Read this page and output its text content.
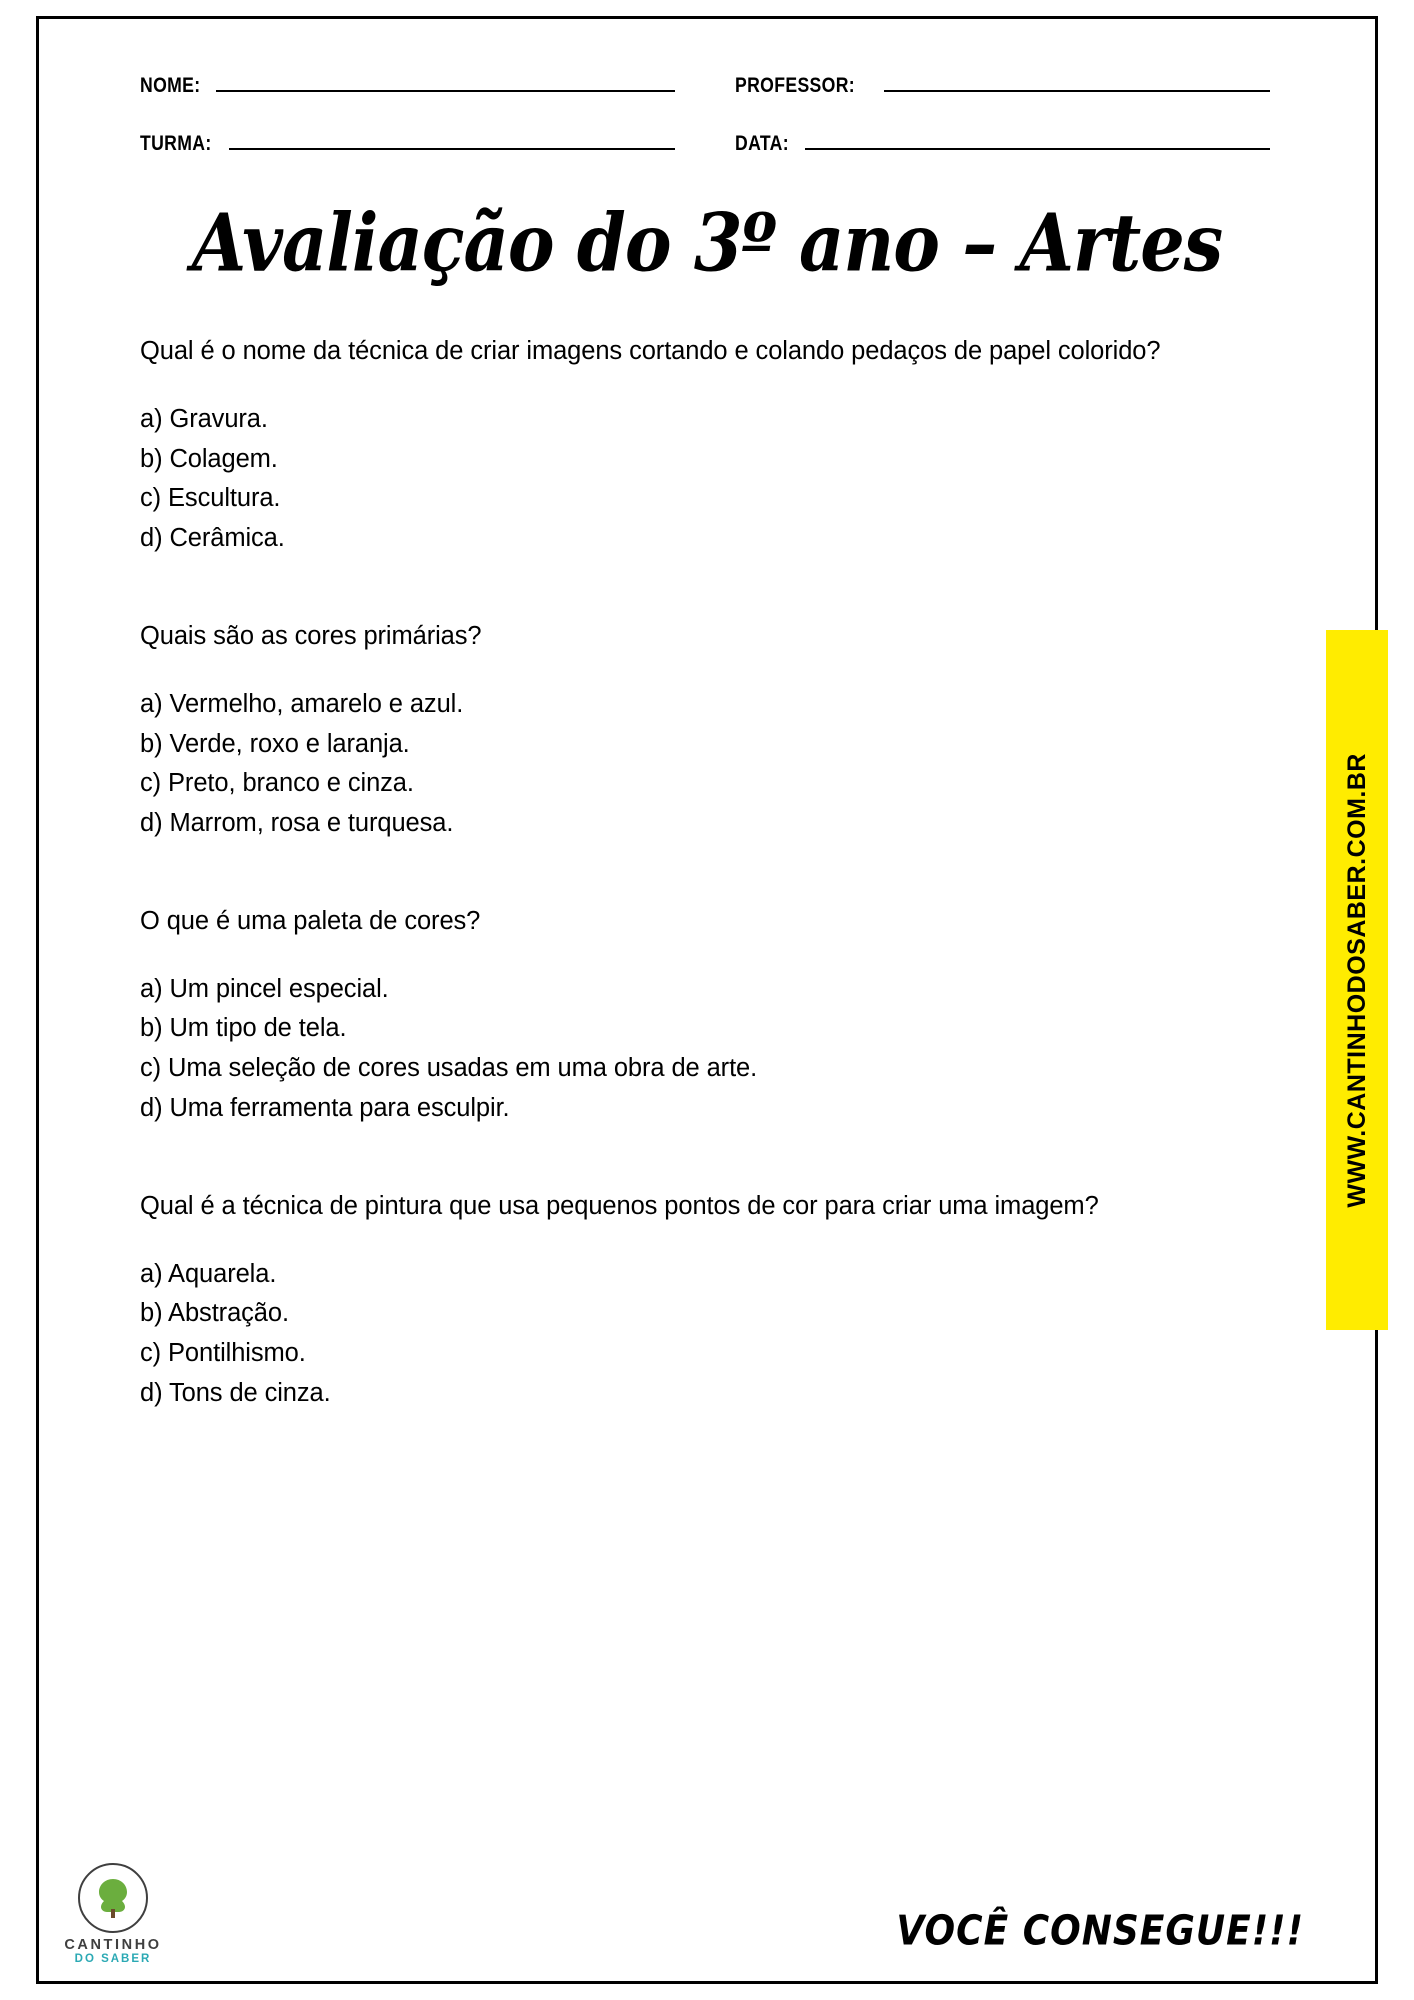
NOME:	PROFESSOR:
TURMA:	DATA:
Avaliação do 3º ano – Artes

Qual é o nome da técnica de criar imagens cortando e colando pedaços de papel colorido?

a) Gravura.
b) Colagem.
c) Escultura.
d) Cerâmica.

Quais são as cores primárias?

a) Vermelho, amarelo e azul.
b) Verde, roxo e laranja.
c) Preto, branco e cinza.
d) Marrom, rosa e turquesa.

O que é uma paleta de cores?

a) Um pincel especial.
b) Um tipo de tela.
c) Uma seleção de cores usadas em uma obra de arte.
d) Uma ferramenta para esculpir.

Qual é a técnica de pintura que usa pequenos pontos de cor para criar uma imagem?

a) Aquarela.
b) Abstração.
c) Pontilhismo.
d) Tons de cinza.
WWW.CANTINHODOSABER.COM.BR
CANTINHO
DO SABER
VOCÊ CONSEGUE!!!
